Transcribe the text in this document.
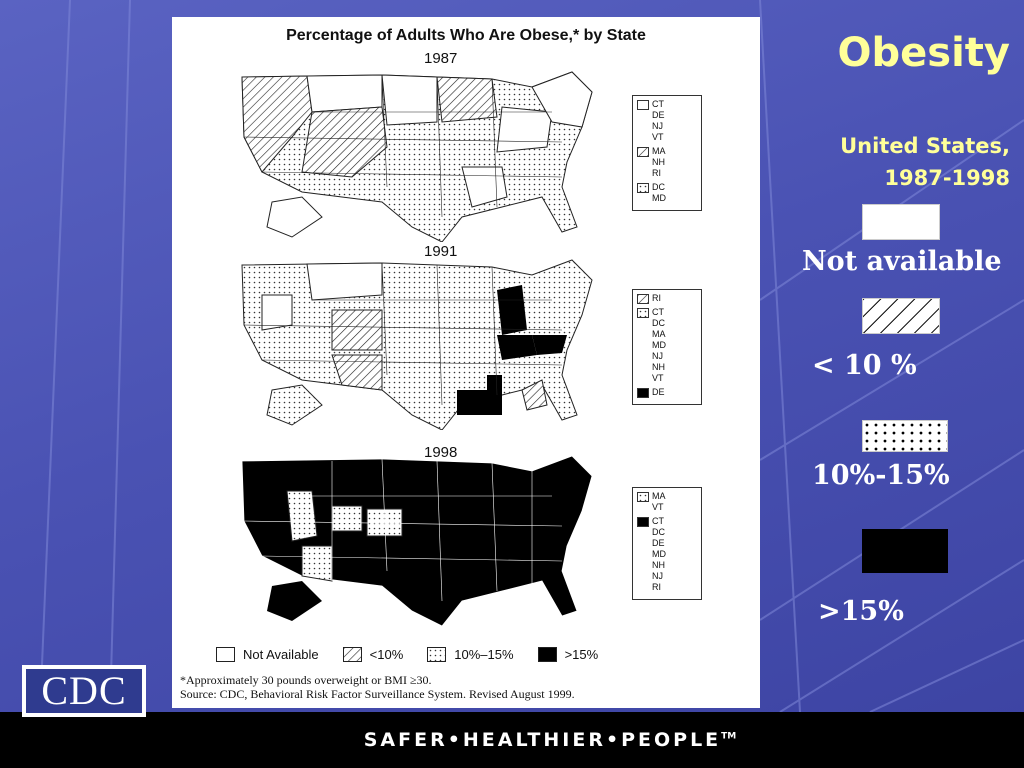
Percentage of Adults Who Are Obese,* by State
1987
CT
DE
NJ
VT
MA
NH
RI
DC
MD
1991
RI
CT
DC
MA
MD
NJ
NH
VT
DE
1998
MA
VT
CT
DC
DE
MD
NH
NJ
RI
Not Available	<10%	10%–15%	>15%
*Approximately 30 pounds overweight or BMI ≥30.
Source: CDC, Behavioral Risk Factor Surveillance System. Revised August 1999.
Obesity
United States,
1987-1998
Not available
< 10 %
10%-15%
>15%
CDC
SAFER•HEALTHIER•PEOPLE™
